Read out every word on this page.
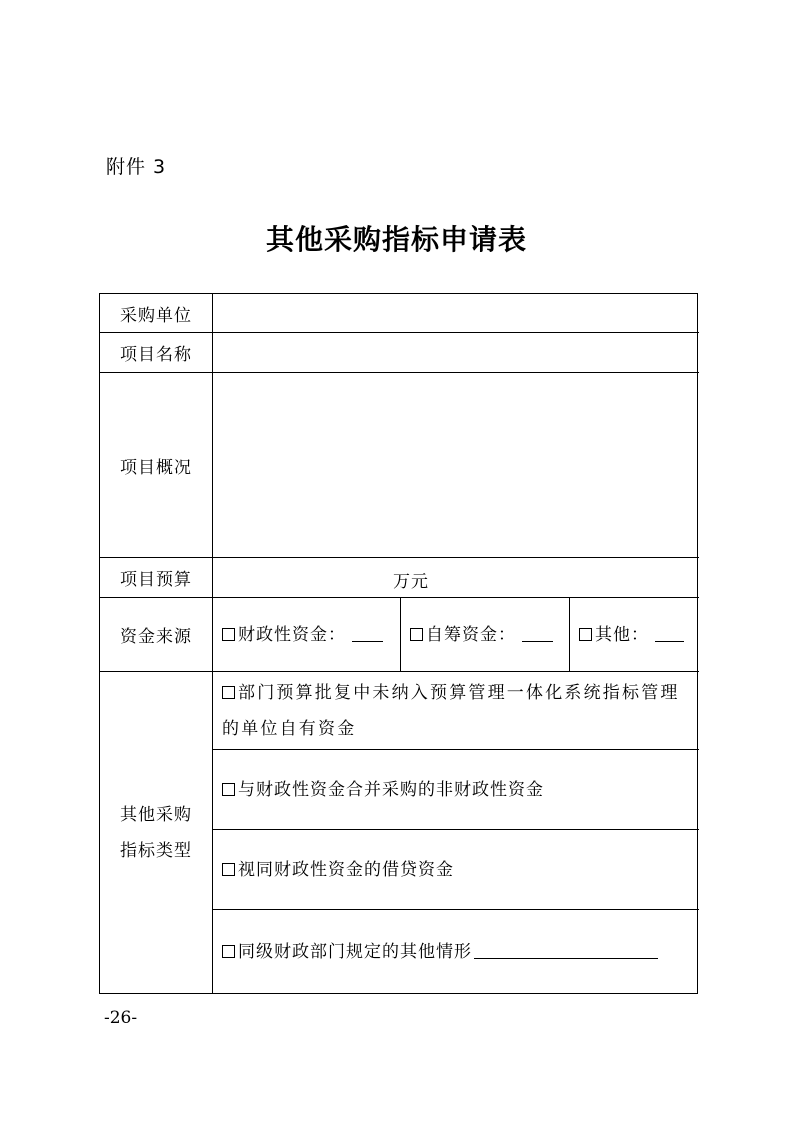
附件 3
其他采购指标申请表
采购单位
项目名称
项目概况
项目预算	万元
资金来源	财政性资金：	自筹资金：	其他：
其他采购
指标类型
部门预算批复中未纳入预算管理一体化系统指标管理的单位自有资金
与财政性资金合并采购的非财政性资金
视同财政性资金的借贷资金
同级财政部门规定的其他情形
-26-
